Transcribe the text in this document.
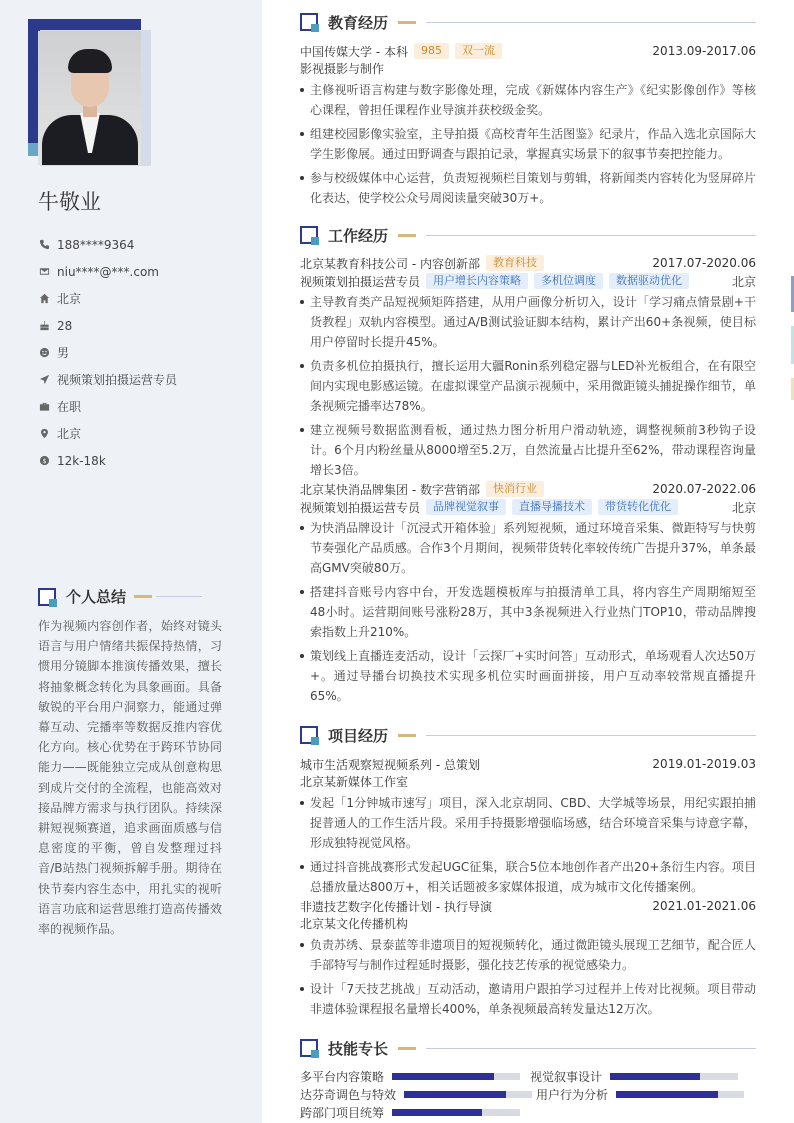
牛敬业
188****9364
niu****@***.com
北京
28
男
视频策划拍摄运营专员
在职
北京
$ 12k-18k
个人总结
作为视频内容创作者，始终对镜头语言与用户情绪共振保持热情，习惯用分镜脚本推演传播效果，擅长将抽象概念转化为具象画面。具备敏锐的平台用户洞察力，能通过弹幕互动、完播率等数据反推内容优化方向。核心优势在于跨环节协同能力——既能独立完成从创意构思到成片交付的全流程，也能高效对接品牌方需求与执行团队。持续深耕短视频赛道，追求画面质感与信息密度的平衡，曾自发整理过抖音/B站热门视频拆解手册。期待在快节奏内容生态中，用扎实的视听语言功底和运营思维打造高传播效率的视频作品。
教育经历
中国传媒大学 - 本科	985	双一流	2013.09-2017.06
影视摄影与制作
主修视听语言构建与数字影像处理，完成《新媒体内容生产》《纪实影像创作》等核心课程，曾担任课程作业导演并获校级金奖。
组建校园影像实验室，主导拍摄《高校青年生活图鉴》纪录片，作品入选北京国际大学生影像展。通过田野调查与跟拍记录，掌握真实场景下的叙事节奏把控能力。
参与校级媒体中心运营，负责短视频栏目策划与剪辑，将新闻类内容转化为竖屏碎片化表达，使学校公众号周阅读量突破30万+。
工作经历
北京某教育科技公司 - 内容创新部	教育科技	2017.07-2020.06
视频策划拍摄运营专员	用户增长内容策略	多机位调度	数据驱动优化	北京
主导教育类产品短视频矩阵搭建，从用户画像分析切入，设计「学习痛点情景剧+干货教程」双轨内容模型。通过A/B测试验证脚本结构，累计产出60+条视频，使目标用户停留时长提升45%。
负责多机位拍摄执行，擅长运用大疆Ronin系列稳定器与LED补光板组合，在有限空间内实现电影感运镜。在虚拟课堂产品演示视频中，采用微距镜头捕捉操作细节，单条视频完播率达78%。
建立视频号数据监测看板，通过热力图分析用户滑动轨迹，调整视频前3秒钩子设计。6个月内粉丝量从8000增至5.2万，自然流量占比提升至62%，带动课程咨询量增长3倍。
北京某快消品牌集团 - 数字营销部	快消行业	2020.07-2022.06
视频策划拍摄运营专员	品牌视觉叙事	直播导播技术	带货转化优化	北京
为快消品牌设计「沉浸式开箱体验」系列短视频，通过环境音采集、微距特写与快剪节奏强化产品质感。合作3个月期间，视频带货转化率较传统广告提升37%，单条最高GMV突破80万。
搭建抖音账号内容中台，开发选题模板库与拍摄清单工具，将内容生产周期缩短至48小时。运营期间账号涨粉28万，其中3条视频进入行业热门TOP10，带动品牌搜索指数上升210%。
策划线上直播连麦活动，设计「云探厂+实时问答」互动形式，单场观看人次达50万+。通过导播台切换技术实现多机位实时画面拼接，用户互动率较常规直播提升65%。
项目经历
城市生活观察短视频系列 - 总策划	2019.01-2019.03
北京某新媒体工作室
发起「1分钟城市速写」项目，深入北京胡同、CBD、大学城等场景，用纪实跟拍捕捉普通人的工作生活片段。采用手持摄影增强临场感，结合环境音采集与诗意字幕，形成独特视觉风格。
通过抖音挑战赛形式发起UGC征集，联合5位本地创作者产出20+条衍生内容。项目总播放量达800万+，相关话题被多家媒体报道，成为城市文化传播案例。
非遗技艺数字化传播计划 - 执行导演	2021.01-2021.06
北京某文化传播机构
负责苏绣、景泰蓝等非遗项目的短视频转化，通过微距镜头展现工艺细节，配合匠人手部特写与制作过程延时摄影，强化技艺传承的视觉感染力。
设计「7天技艺挑战」互动活动，邀请用户跟拍学习过程并上传对比视频。项目带动非遗体验课程报名量增长400%，单条视频最高转发量达12万次。
技能专长
多平台内容策略	视觉叙事设计
达芬奇调色与特效	用户行为分析
跨部门项目统筹
